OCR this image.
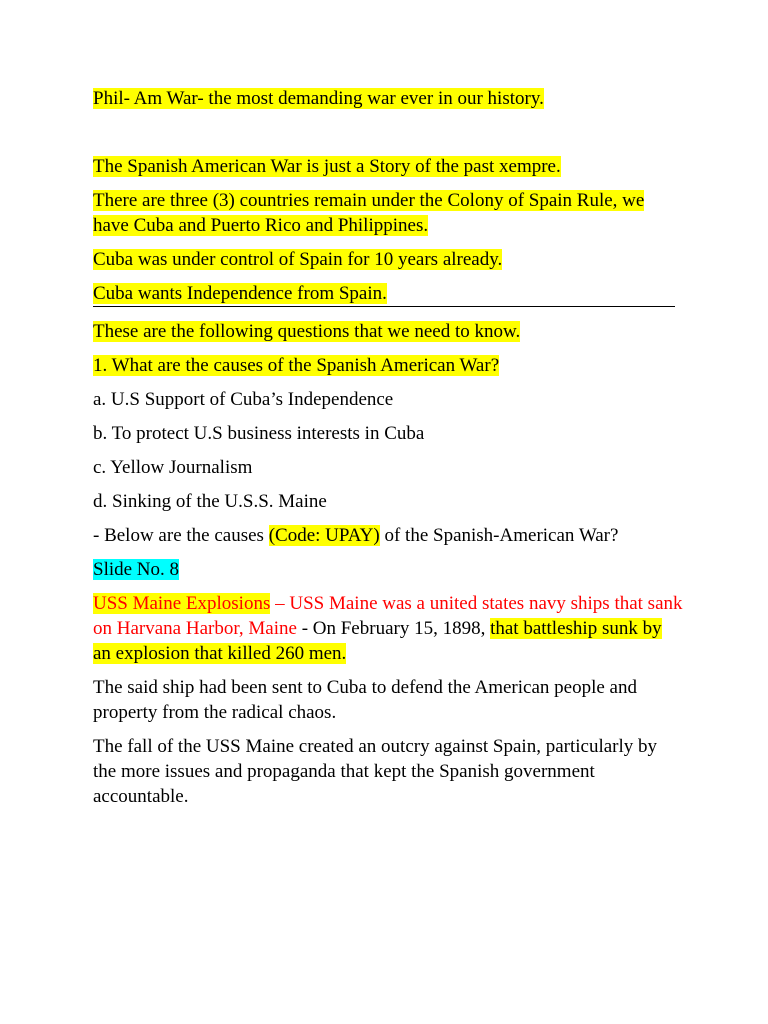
Phil- Am War- the most demanding war ever in our history.

The Spanish American War is just a Story of the past xempre.

There are three (3) countries remain under the Colony of Spain Rule, we have Cuba and Puerto Rico and Philippines.

Cuba was under control of Spain for 10 years already.

Cuba wants Independence from Spain.

These are the following questions that we need to know.

1. What are the causes of the Spanish American War?

a. U.S Support of Cuba’s Independence

b. To protect U.S business interests in Cuba

c. Yellow Journalism

d. Sinking of the U.S.S. Maine

- Below are the causes (Code: UPAY) of the Spanish-American War?

Slide No. 8

USS Maine Explosions – USS Maine was a united states navy ships that sank on Harvana Harbor, Maine - On February 15, 1898, that battleship sunk by an explosion that killed 260 men.

The said ship had been sent to Cuba to defend the American people and property from the radical chaos.

The fall of the USS Maine created an outcry against Spain, particularly by the more issues and propaganda that kept the Spanish government accountable.
